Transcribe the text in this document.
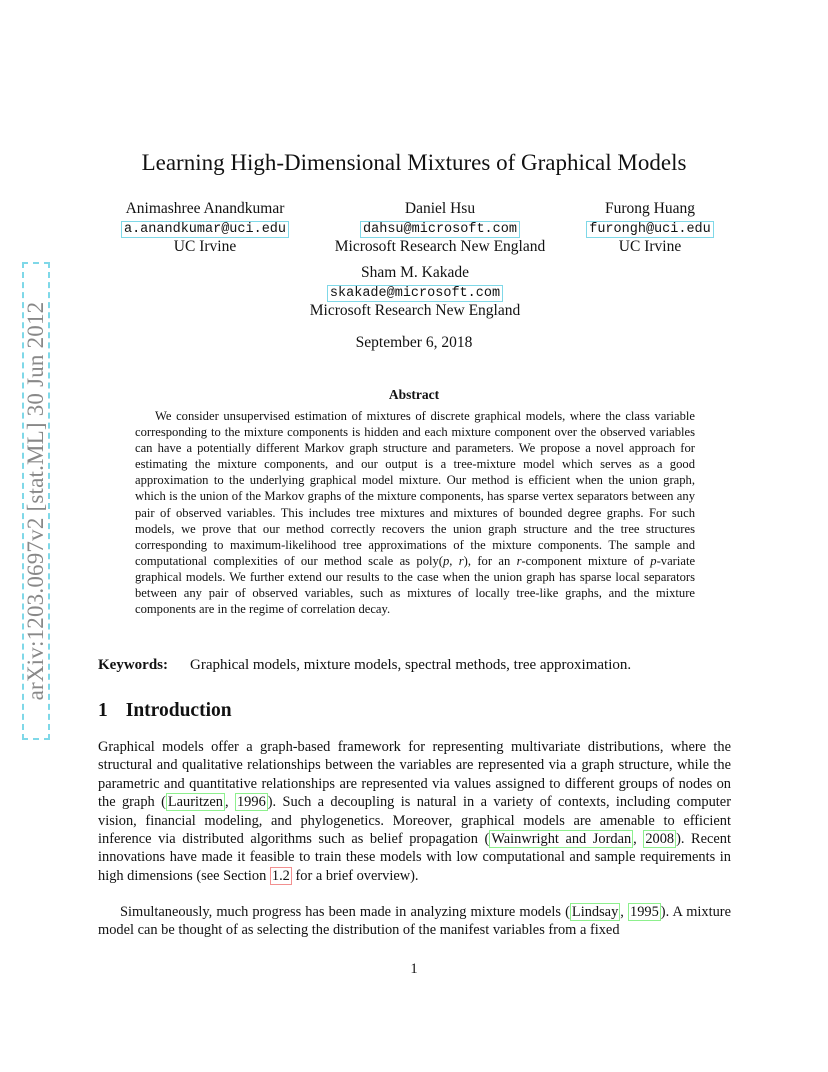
arXiv:1203.0697v2 [stat.ML] 30 Jun 2012
Learning High-Dimensional Mixtures of Graphical Models
Animashree Anandkumar
a.anandkumar@uci.edu
UC Irvine
Daniel Hsu
dahsu@microsoft.com
Microsoft Research New England
Furong Huang
furongh@uci.edu
UC Irvine
Sham M. Kakade
skakade@microsoft.com
Microsoft Research New England
September 6, 2018
Abstract
We consider unsupervised estimation of mixtures of discrete graphical models, where the class variable corresponding to the mixture components is hidden and each mixture component over the observed variables can have a potentially different Markov graph structure and parameters. We propose a novel approach for estimating the mixture components, and our output is a tree-mixture model which serves as a good approximation to the underlying graphical model mixture. Our method is efficient when the union graph, which is the union of the Markov graphs of the mixture components, has sparse vertex separators between any pair of observed variables. This includes tree mixtures and mixtures of bounded degree graphs. For such models, we prove that our method correctly recovers the union graph structure and the tree structures corresponding to maximum-likelihood tree approximations of the mixture components. The sample and computational complexities of our method scale as poly(p, r), for an r-component mixture of p-variate graphical models. We further extend our results to the case when the union graph has sparse local separators between any pair of observed variables, such as mixtures of locally tree-like graphs, and the mixture components are in the regime of correlation decay.
Keywords: Graphical models, mixture models, spectral methods, tree approximation.
1 Introduction
Graphical models offer a graph-based framework for representing multivariate distributions, where the structural and qualitative relationships between the variables are represented via a graph structure, while the parametric and quantitative relationships are represented via values assigned to different groups of nodes on the graph ( Lauritzen , 1996 ). Such a decoupling is natural in a variety of contexts, including computer vision, financial modeling, and phylogenetics. Moreover, graphical models are amenable to efficient inference via distributed algorithms such as belief propagation ( Wainwright and Jordan , 2008 ). Recent innovations have made it feasible to train these models with low computational and sample requirements in high dimensions (see Section 1.2 for a brief overview).
Simultaneously, much progress has been made in analyzing mixture models ( Lindsay , 1995 ). A mixture model can be thought of as selecting the distribution of the manifest variables from a fixed
1
